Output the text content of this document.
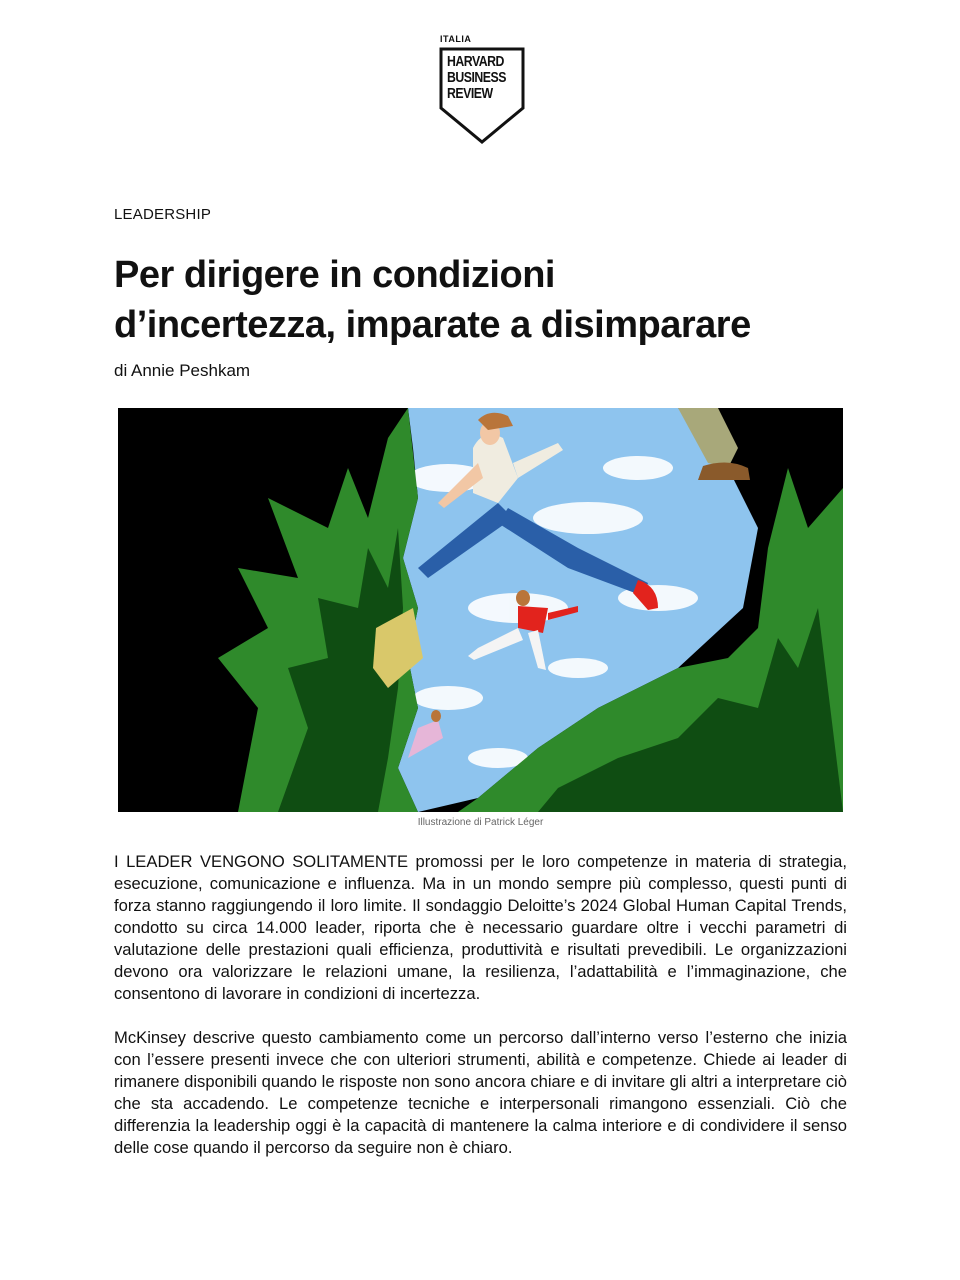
ITALIA
HARVARD
BUSINESS
REVIEW
LEADERSHIP
Per dirigere in condizioni
d’incertezza, imparate a disimparare
di Annie Peshkam
Illustrazione di Patrick Léger

I LEADER VENGONO SOLITAMENTE promossi per le loro competenze in materia di strategia, esecuzione, comunicazione e influenza. Ma in un mondo sempre più complesso, questi punti di forza stanno raggiungendo il loro limite. Il sondaggio Deloitte’s 2024 Global Human Capital Trends, condotto su circa 14.000 leader, riporta che è necessario guardare oltre i vecchi parametri di valutazione delle prestazioni quali efficienza, produttività e risultati prevedibili. Le organizzazioni devono ora valorizzare le relazioni umane, la resilienza, l’adattabilità e l’immaginazione, che consentono di lavorare in condizioni di incertezza.

McKinsey descrive questo cambiamento come un percorso dall’interno verso l’esterno che inizia con l’essere presenti invece che con ulteriori strumenti, abilità e competenze. Chiede ai leader di rimanere disponibili quando le risposte non sono ancora chiare e di invitare gli altri a interpretare ciò che sta accadendo. Le competenze tecniche e interpersonali rimangono essenziali. Ciò che differenzia la leadership oggi è la capacità di mantenere la calma interiore e di condividere il senso delle cose quando il percorso da seguire non è chiaro.
